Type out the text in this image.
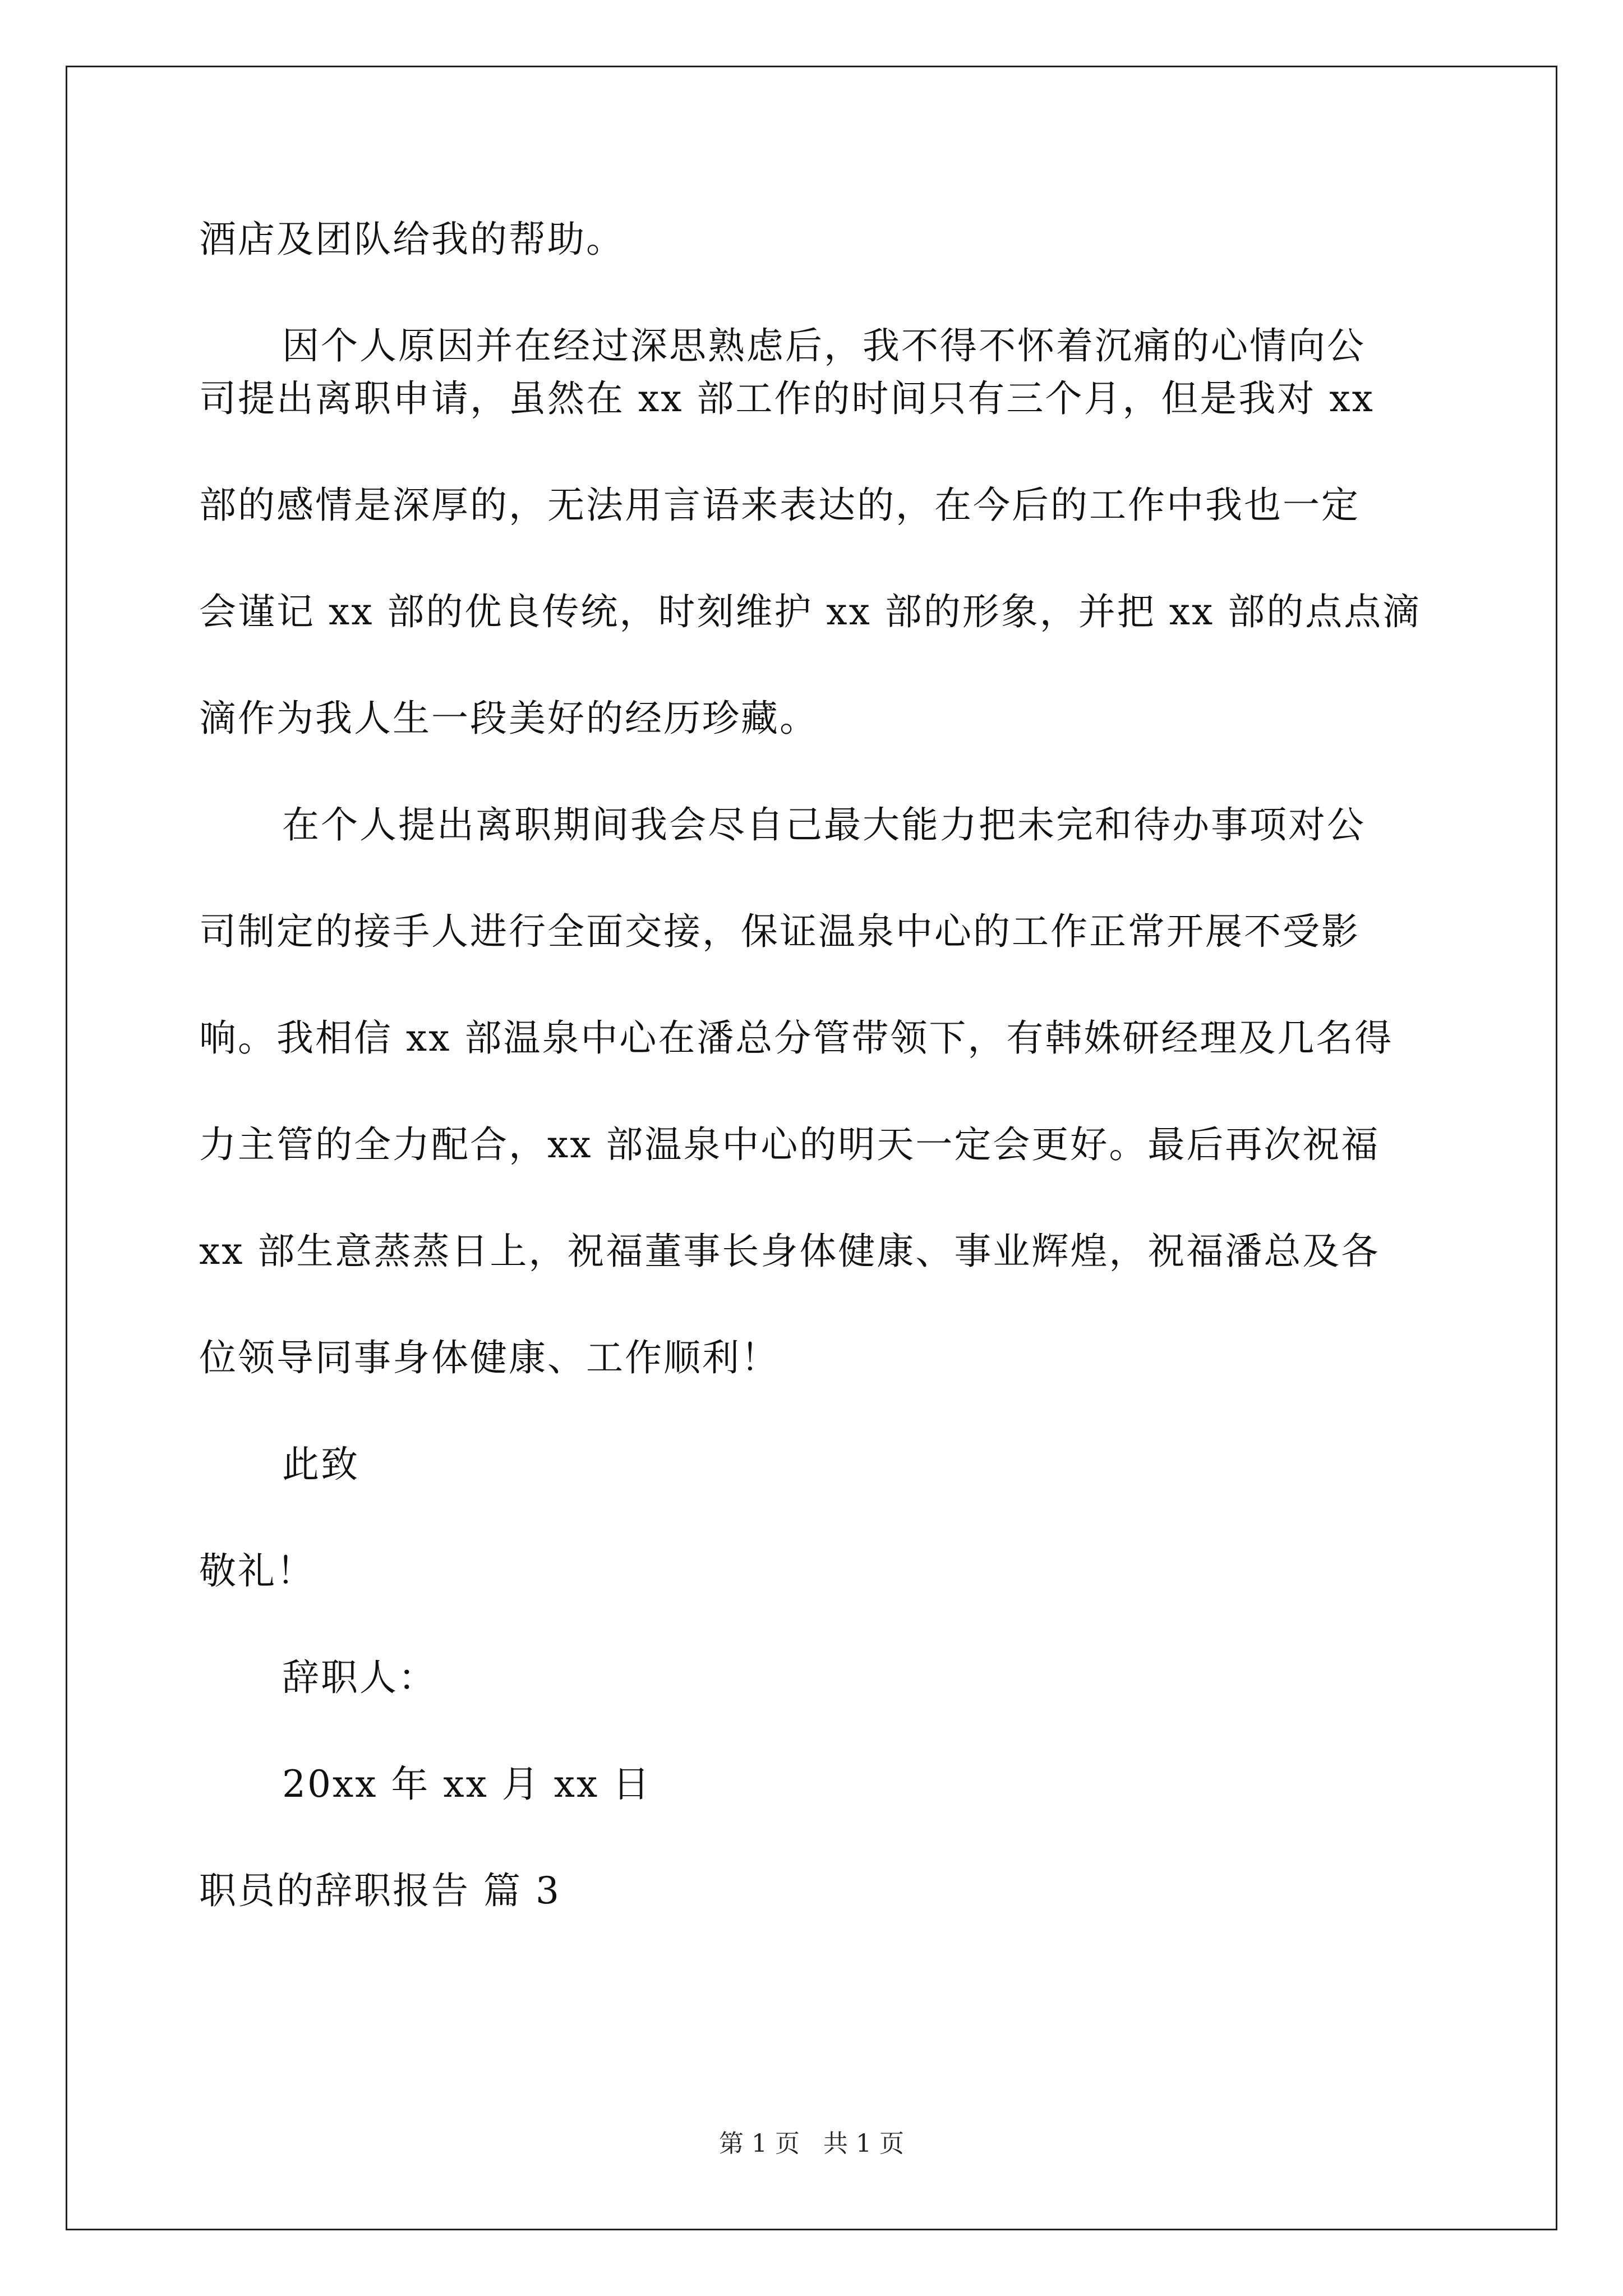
酒店及团队给我的帮助。

因个人原因并在经过深思熟虑后，我不得不怀着沉痛的心情向公

司提出离职申请，虽然在 xx 部工作的时间只有三个月，但是我对 xx

部的感情是深厚的，无法用言语来表达的，在今后的工作中我也一定

会谨记 xx 部的优良传统，时刻维护 xx 部的形象，并把 xx 部的点点滴

滴作为我人生一段美好的经历珍藏。

在个人提出离职期间我会尽自己最大能力把未完和待办事项对公

司制定的接手人进行全面交接，保证温泉中心的工作正常开展不受影

响。我相信 xx 部温泉中心在潘总分管带领下，有韩姝研经理及几名得

力主管的全力配合，xx 部温泉中心的明天一定会更好。最后再次祝福

xx 部生意蒸蒸日上，祝福董事长身体健康、事业辉煌，祝福潘总及各

位领导同事身体健康、工作顺利！

此致

敬礼！

辞职人：

20xx 年 xx 月 xx 日

职员的辞职报告 篇 3

第 1 页   共 1 页
